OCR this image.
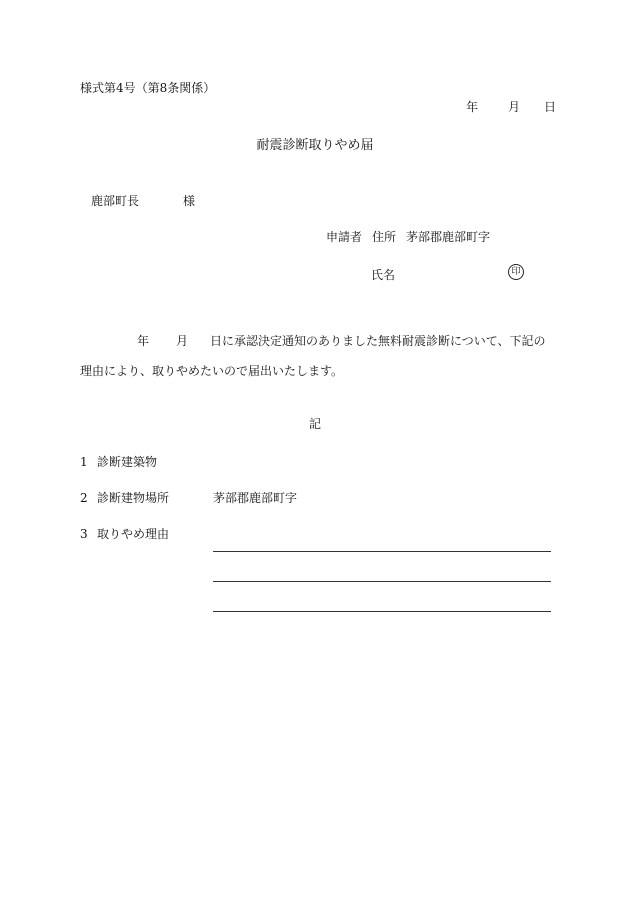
様式第4号（第8条関係）
年	月 日
耐震診断取りやめ届
鹿部町長	様
申請者 住所 茅部郡鹿部町字
氏名	印
年 月 日に承認決定通知のありました無料耐震診断について、下記の理由により、取りやめたいので届出いたします。
記
1 診断建築物
2 診断建物場所	茅部郡鹿部町字
3 取りやめ理由
